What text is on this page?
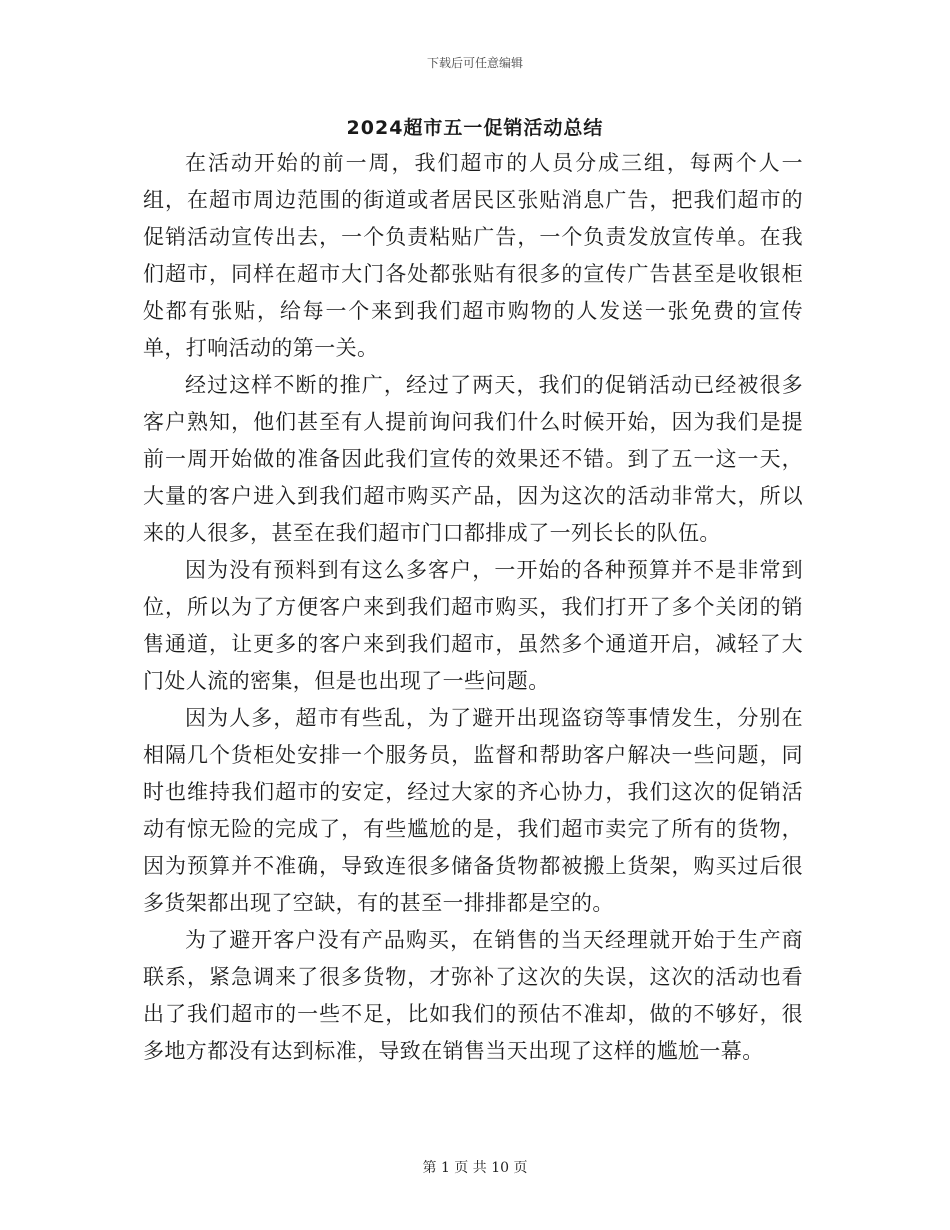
下载后可任意编辑
2024超市五一促销活动总结

在活动开始的前一周，我们超市的人员分成三组，每两个人一组，在超市周边范围的街道或者居民区张贴消息广告，把我们超市的促销活动宣传出去，一个负责粘贴广告，一个负责发放宣传单。在我们超市，同样在超市大门各处都张贴有很多的宣传广告甚至是收银柜处都有张贴，给每一个来到我们超市购物的人发送一张免费的宣传单，打响活动的第一关。

经过这样不断的推广，经过了两天，我们的促销活动已经被很多客户熟知，他们甚至有人提前询问我们什么时候开始，因为我们是提前一周开始做的准备因此我们宣传的效果还不错。到了五一这一天，大量的客户进入到我们超市购买产品，因为这次的活动非常大，所以来的人很多，甚至在我们超市门口都排成了一列长长的队伍。

因为没有预料到有这么多客户，一开始的各种预算并不是非常到位，所以为了方便客户来到我们超市购买，我们打开了多个关闭的销售通道，让更多的客户来到我们超市，虽然多个通道开启，减轻了大门处人流的密集，但是也出现了一些问题。

因为人多，超市有些乱，为了避开出现盗窃等事情发生，分别在相隔几个货柜处安排一个服务员，监督和帮助客户解决一些问题，同时也维持我们超市的安定，经过大家的齐心协力，我们这次的促销活动有惊无险的完成了，有些尴尬的是，我们超市卖完了所有的货物，因为预算并不准确，导致连很多储备货物都被搬上货架，购买过后很多货架都出现了空缺，有的甚至一排排都是空的。

为了避开客户没有产品购买，在销售的当天经理就开始于生产商联系，紧急调来了很多货物，才弥补了这次的失误，这次的活动也看出了我们超市的一些不足，比如我们的预估不准却，做的不够好，很多地方都没有达到标准，导致在销售当天出现了这样的尴尬一幕。

第 1 页 共 10 页
